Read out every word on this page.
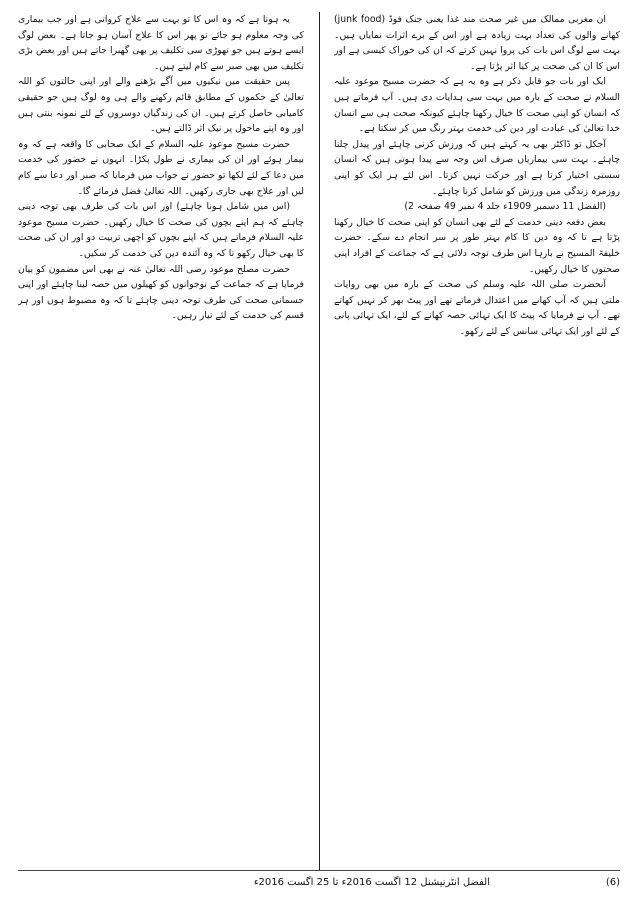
ان مغربی ممالک میں غیر صحت مند غذا یعنی جنک فوڈ (junk food) کھانے والوں کی تعداد بہت زیادہ ہے اور اس کے برے اثرات نمایاں ہیں۔ بہت سے لوگ اس بات کی پروا نہیں کرتے کہ ان کی خوراک کیسی ہے اور اس کا ان کی صحت پر کیا اثر پڑتا ہے۔

ایک اور بات جو قابل ذکر ہے وہ یہ ہے کہ حضرت مسیح موعود علیہ السلام نے صحت کے بارہ میں بہت سی ہدایات دی ہیں۔ آپ فرماتے ہیں کہ انسان کو اپنی صحت کا خیال رکھنا چاہئے کیونکہ صحت ہی سے انسان خدا تعالیٰ کی عبادت اور دین کی خدمت بہتر رنگ میں کر سکتا ہے۔

آجکل تو ڈاکٹر بھی یہ کہتے ہیں کہ ورزش کرنی چاہئے اور پیدل چلنا چاہئے۔ بہت سی بیماریاں صرف اس وجہ سے پیدا ہوتی ہیں کہ انسان سستی اختیار کرتا ہے اور حرکت نہیں کرتا۔ اس لئے ہر ایک کو اپنی روزمرہ زندگی میں ورزش کو شامل کرنا چاہئے۔

(الفضل 11 دسمبر 1909ء جلد 4 نمبر 49 صفحہ 2)

بعض دفعہ دینی خدمت کے لئے بھی انسان کو اپنی صحت کا خیال رکھنا پڑتا ہے تا کہ وہ دین کا کام بہتر طور پر سر انجام دے سکے۔ حضرت خلیفۃ المسیح نے بارہا اس طرف توجہ دلائی ہے کہ جماعت کے افراد اپنی صحتوں کا خیال رکھیں۔

آنحضرت صلی اللہ علیہ وسلم کی صحت کے بارہ میں بھی روایات ملتی ہیں کہ آپ کھانے میں اعتدال فرماتے تھے اور پیٹ بھر کر نہیں کھاتے تھے۔ آپ نے فرمایا کہ پیٹ کا ایک تہائی حصہ کھانے کے لئے، ایک تہائی پانی کے لئے اور ایک تہائی سانس کے لئے رکھو۔

یہ ہوتا ہے کہ وہ اس کا تو بہت سے علاج کرواتی ہے اور جب بیماری کی وجہ معلوم ہو جائے تو پھر اس کا علاج آسان ہو جاتا ہے۔ بعض لوگ ایسے ہوتے ہیں جو تھوڑی سی تکلیف پر بھی گھبرا جاتے ہیں اور بعض بڑی تکلیف میں بھی صبر سے کام لیتے ہیں۔

پس حقیقت میں نیکیوں میں آگے بڑھنے والے اور اپنی حالتوں کو اللہ تعالیٰ کے حکموں کے مطابق قائم رکھنے والے ہی وہ لوگ ہیں جو حقیقی کامیابی حاصل کرتے ہیں۔ ان کی زندگیاں دوسروں کے لئے نمونہ بنتی ہیں اور وہ اپنے ماحول پر نیک اثر ڈالتے ہیں۔

حضرت مسیح موعود علیہ السلام کے ایک صحابی کا واقعہ ہے کہ وہ بیمار ہوئے اور ان کی بیماری نے طول پکڑا۔ انہوں نے حضور کی خدمت میں دعا کے لئے لکھا تو حضور نے جواب میں فرمایا کہ صبر اور دعا سے کام لیں اور علاج بھی جاری رکھیں۔ اللہ تعالیٰ فضل فرمائے گا۔

(اس میں شامل ہونا چاہئے) اور اس بات کی طرف بھی توجہ دینی چاہئے کہ ہم اپنے بچوں کی صحت کا خیال رکھیں۔ حضرت مسیح موعود علیہ السلام فرماتے ہیں کہ اپنے بچوں کو اچھی تربیت دو اور ان کی صحت کا بھی خیال رکھو تا کہ وہ آئندہ دین کی خدمت کر سکیں۔

حضرت مصلح موعود رضی اللہ تعالیٰ عنہ نے بھی اس مضمون کو بیان فرمایا ہے کہ جماعت کے نوجوانوں کو کھیلوں میں حصہ لینا چاہئے اور اپنی جسمانی صحت کی طرف توجہ دینی چاہئے تا کہ وہ مضبوط ہوں اور ہر قسم کی خدمت کے لئے تیار رہیں۔

(6)
الفضل انٹرنیشنل 12 اگست 2016ء تا 25 اگست 2016ء
